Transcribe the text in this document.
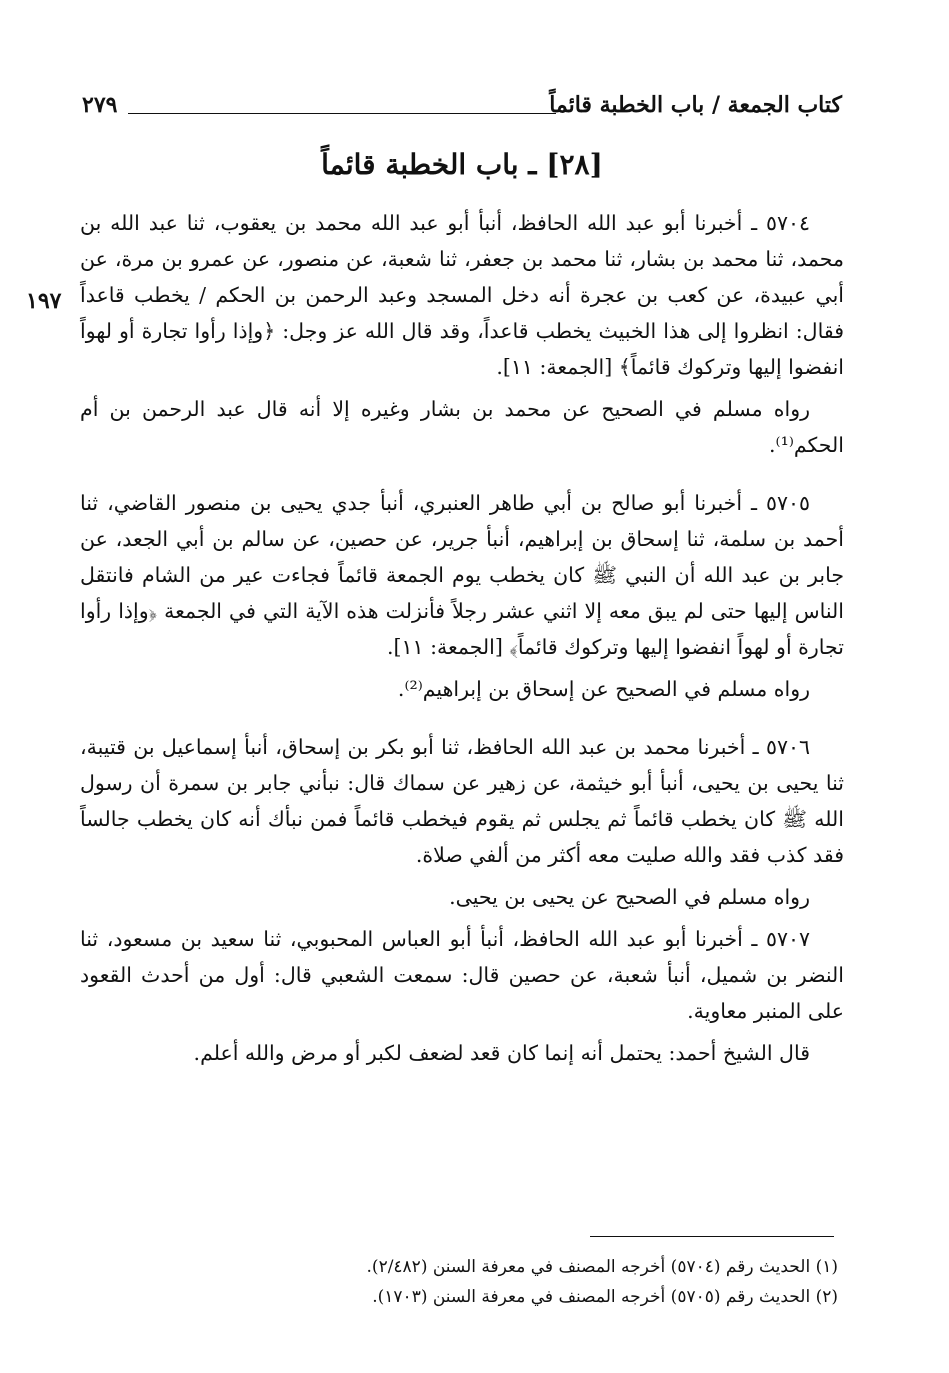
كتاب الجمعة / باب الخطبة قائماً
٢٧٩
[٢٨] ـ باب الخطبة قائماً
١٩٧

٥٧٠٤ ـ أخبرنا أبو عبد الله الحافظ، أنبأ أبو عبد الله محمد بن يعقوب، ثنا عبد الله بن محمد، ثنا محمد بن بشار، ثنا محمد بن جعفر، ثنا شعبة، عن منصور، عن عمرو بن مرة، عن أبي عبيدة، عن كعب بن عجرة أنه دخل المسجد وعبد الرحمن بن الحكم / يخطب قاعداً فقال: انظروا إلى هذا الخبيث يخطب قاعداً، وقد قال الله عز وجل: ﴿وإذا رأوا تجارة أو لهواً انفضوا إليها وتركوك قائماً﴾ [الجمعة: ١١].

رواه مسلم في الصحيح عن محمد بن بشار وغيره إلا أنه قال عبد الرحمن بن أم الحكم⁽¹⁾.

٥٧٠٥ ـ أخبرنا أبو صالح بن أبي طاهر العنبري، أنبأ جدي يحيى بن منصور القاضي، ثنا أحمد بن سلمة، ثنا إسحاق بن إبراهيم، أنبأ جرير، عن حصين، عن سالم بن أبي الجعد، عن جابر بن عبد الله أن النبي ﷺ كان يخطب يوم الجمعة قائماً فجاءت عير من الشام فانتقل الناس إليها حتى لم يبق معه إلا اثني عشر رجلاً فأنزلت هذه الآية التي في الجمعة ﴿وإذا رأوا تجارة أو لهواً انفضوا إليها وتركوك قائماً﴾ [الجمعة: ١١].

رواه مسلم في الصحيح عن إسحاق بن إبراهيم⁽²⁾.

٥٧٠٦ ـ أخبرنا محمد بن عبد الله الحافظ، ثنا أبو بكر بن إسحاق، أنبأ إسماعيل بن قتيبة، ثنا يحيى بن يحيى، أنبأ أبو خيثمة، عن زهير عن سماك قال: نبأني جابر بن سمرة أن رسول الله ﷺ كان يخطب قائماً ثم يجلس ثم يقوم فيخطب قائماً فمن نبأك أنه كان يخطب جالساً فقد كذب فقد والله صليت معه أكثر من ألفي صلاة.

رواه مسلم في الصحيح عن يحيى بن يحيى.

٥٧٠٧ ـ أخبرنا أبو عبد الله الحافظ، أنبأ أبو العباس المحبوبي، ثنا سعيد بن مسعود، ثنا النضر بن شميل، أنبأ شعبة، عن حصين قال: سمعت الشعبي قال: أول من أحدث القعود على المنبر معاوية.

قال الشيخ أحمد: يحتمل أنه إنما كان قعد لضعف لكبر أو مرض والله أعلم.

(١) الحديث رقم (٥٧٠٤) أخرجه المصنف في معرفة السنن (٢/٤٨٢).

(٢) الحديث رقم (٥٧٠٥) أخرجه المصنف في معرفة السنن (١٧٠٣).
